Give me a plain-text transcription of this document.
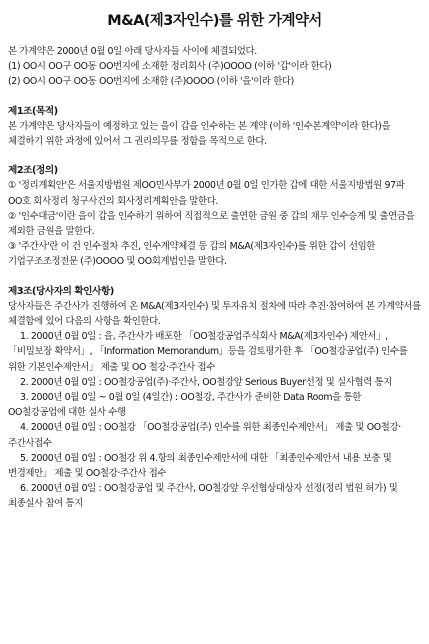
M&A(제3자인수)를 위한 가계약서

본 가계약은 2000년 0월 0일 아래 당사자들 사이에 체결되었다.

(1) OO시 OO구 OO동 OO번지에 소재한 정리회사 (주)OOOO (이하 '갑'이라 한다)

(2) OO시 OO구 OO동 OO번지에 소재한 (주)OOOO (이하 '을'이라 한다)

제1조(목적)

본 가계약은 당사자들이 예정하고 있는 을이 갑을 인수하는 본 계약 (이하 '인수본계약'이라 한다)을 체결하기 위한 과정에 있어서 그 권리의무를 정함을 목적으로 한다.

제2조(정의)

① '정리계획안'은 서울지방법원 제OO민사부가 2000년 0월 0일 인가한 갑에 대한 서울지방법원 97파 OO호 회사정리 청구사건의 회사정리계획안을 말한다.

② '인수대금'이란 을이 갑을 인수하기 위하여 직접적으로 출연한 금원 중 갑의 채무 인수승계 및 출연금을 제외한 금원을 말한다.

③ '주간사'란 이 건 인수절차 추진, 인수계약체결 등 갑의 M&A(제3자인수)를 위한 갑이 선임한 기업구조조정전문 (주)OOOO 및 OO회계법인을 말한다.

제3조(당사자의 확인사항)

당사자들은 주간사가 진행하여 온 M&A(제3자인수) 및 투자유치 절차에 따라 추진·참여하여 본 가계약서를 체결함에 있어 다음의 사항을 확인한다.

1. 2000년 0월 0일 : 을, 주간사가 배포한 「OO철강공업주식회사 M&A(제3자인수) 제안서」, 「비밀보장 확약서」, 「Information Memorandum」등을 검토평가한 후 「OO철강공업(주) 인수를 위한 기본인수제안서」 제출 및 OO 철강·주간사 접수

2. 2000년 0월 0일 : OO철강공업(주)·주간사, OO철강앞 Serious Buyer선정 및 실사협력 통지

3. 2000년 0월 0일 ~ 0월 0일 (4일간) : OO철강, 주간사가 준비한 Data Room을 통한 OO철강공업에 대한 실사 수행

4. 2000년 0월 0일 : OO철강 「OO철강공업(주) 인수를 위한 최종인수제안서」 제출 및 OO철강·주간사접수

5. 2000년 0월 0일 : OO철강 위 4.항의 최종인수제안서에 대한 「최종인수제안서 내용 보충 및 변경제안」 제출 및 OO철강·주간사 접수

6. 2000년 0월 0일 : OO철강공업 및 주간사, OO철강앞 우선협상대상자 선정(정리 법원 허가) 및 최종실사 참여 통지
